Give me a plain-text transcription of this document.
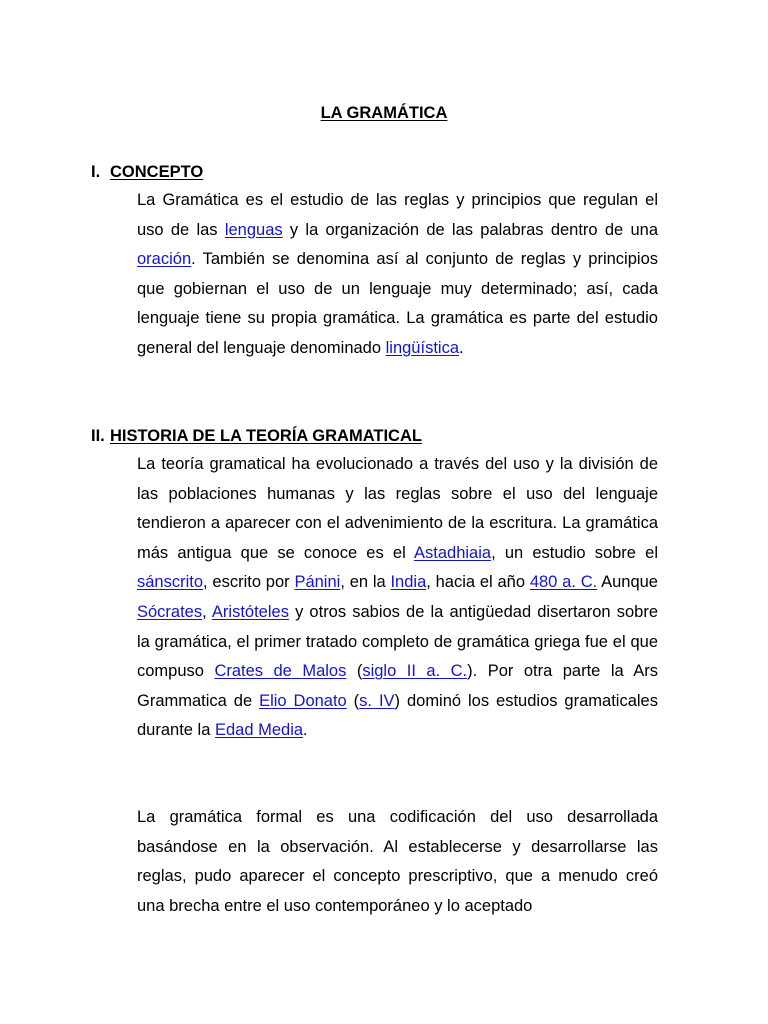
LA GRAMÁTICA
I. CONCEPTO

La Gramática es el estudio de las reglas y principios que regulan el uso de las lenguas y la organización de las palabras dentro de una oración. También se denomina así al conjunto de reglas y principios que gobiernan el uso de un lenguaje muy determinado; así, cada lenguaje tiene su propia gramática. La gramática es parte del estudio general del lenguaje denominado lingüística.

II. HISTORIA DE LA TEORÍA GRAMATICAL

La teoría gramatical ha evolucionado a través del uso y la división de las poblaciones humanas y las reglas sobre el uso del lenguaje tendieron a aparecer con el advenimiento de la escritura. La gramática más antigua que se conoce es el Astadhiaia, un estudio sobre el sánscrito, escrito por Pánini, en la India, hacia el año 480 a. C. Aunque Sócrates, Aristóteles y otros sabios de la antigüedad disertaron sobre la gramática, el primer tratado completo de gramática griega fue el que compuso Crates de Malos (siglo II a. C.). Por otra parte la Ars Grammatica de Elio Donato (s. IV) dominó los estudios gramaticales durante la Edad Media.

La gramática formal es una codificación del uso desarrollada basándose en la observación. Al establecerse y desarrollarse las reglas, pudo aparecer el concepto prescriptivo, que a menudo creó una brecha entre el uso contemporáneo y lo aceptado
